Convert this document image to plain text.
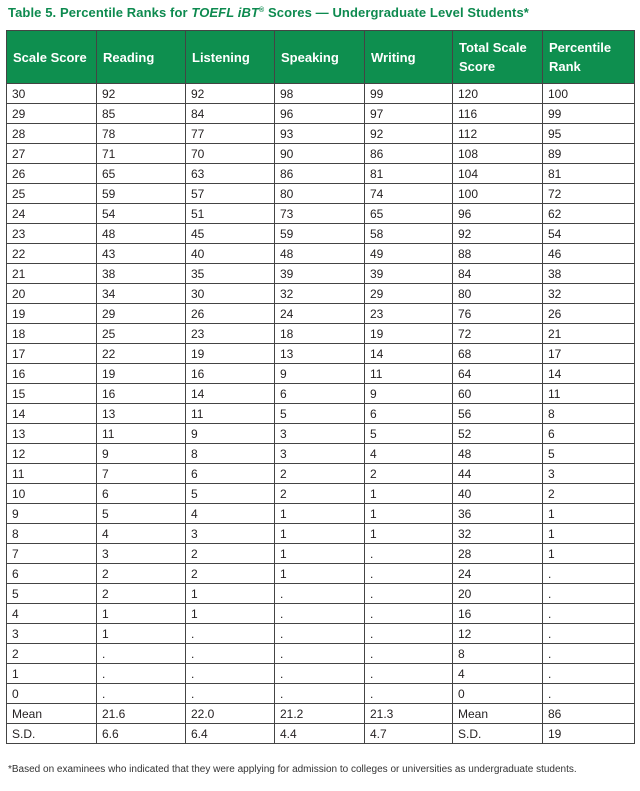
Table 5. Percentile Ranks for TOEFL iBT® Scores — Undergraduate Level Students*
Scale Score	Reading	Listening	Speaking	Writing	Total Scale Score	Percentile Rank
30	92	92	98	99	120	100
29	85	84	96	97	116	99
28	78	77	93	92	112	95
27	71	70	90	86	108	89
26	65	63	86	81	104	81
25	59	57	80	74	100	72
24	54	51	73	65	96	62
23	48	45	59	58	92	54
22	43	40	48	49	88	46
21	38	35	39	39	84	38
20	34	30	32	29	80	32
19	29	26	24	23	76	26
18	25	23	18	19	72	21
17	22	19	13	14	68	17
16	19	16	9	11	64	14
15	16	14	6	9	60	11
14	13	11	5	6	56	8
13	11	9	3	5	52	6
12	9	8	3	4	48	5
11	7	6	2	2	44	3
10	6	5	2	1	40	2
9	5	4	1	1	36	1
8	4	3	1	1	32	1
7	3	2	1	.	28	1
6	2	2	1	.	24	.
5	2	1	.	.	20	.
4	1	1	.	.	16	.
3	1	.	.	.	12	.
2	.	.	.	.	8	.
1	.	.	.	.	4	.
0	.	.	.	.	0	.
Mean	21.6	22.0	21.2	21.3	Mean	86
S.D.	6.6	6.4	4.4	4.7	S.D.	19
*Based on examinees who indicated that they were applying for admission to colleges or universities as undergraduate students.
